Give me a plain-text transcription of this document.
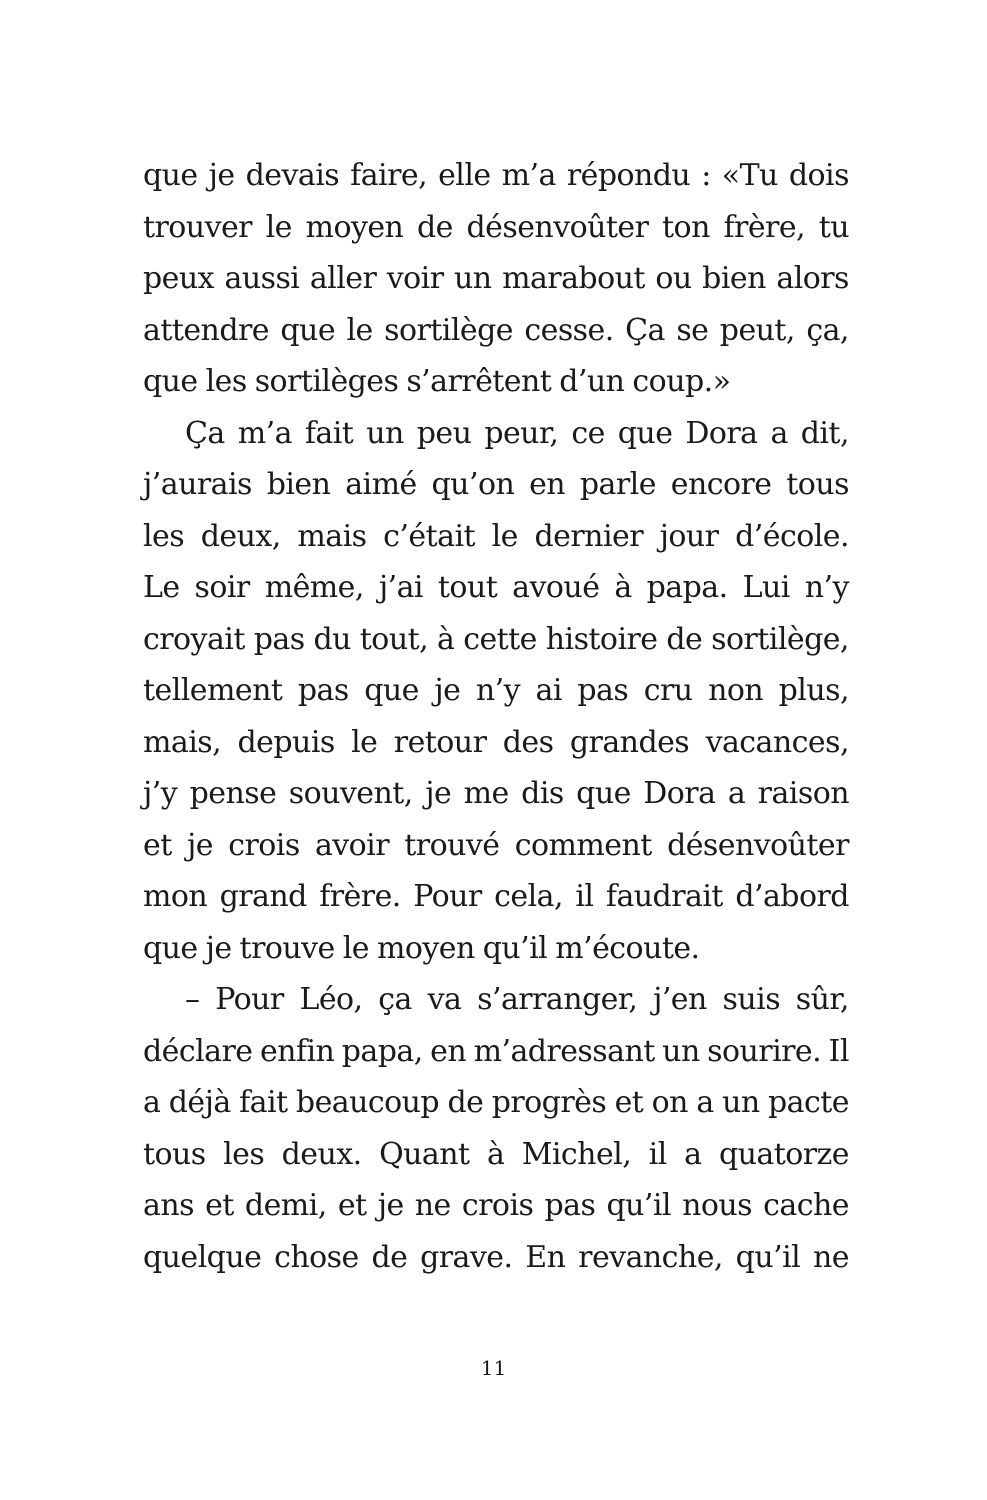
que je devais faire, elle m’a répondu : «Tu dois
trouver le moyen de désenvoûter ton frère, tu
peux aussi aller voir un marabout ou bien alors
attendre que le sortilège cesse. Ça se peut, ça,
que les sortilèges s’arrêtent d’un coup.»
Ça m’a fait un peu peur, ce que Dora a dit,
j’aurais bien aimé qu’on en parle encore tous
les deux, mais c’était le dernier jour d’école.
Le soir même, j’ai tout avoué à papa. Lui n’y
croyait pas du tout, à cette histoire de sortilège,
tellement pas que je n’y ai pas cru non plus,
mais, depuis le retour des grandes vacances,
j’y pense souvent, je me dis que Dora a raison
et je crois avoir trouvé comment désenvoûter
mon grand frère. Pour cela, il faudrait d’abord
que je trouve le moyen qu’il m’écoute.
– Pour Léo, ça va s’arranger, j’en suis sûr,
déclare enfin papa, en m’adressant un sourire. Il
a déjà fait beaucoup de progrès et on a un pacte
tous les deux. Quant à Michel, il a quatorze
ans et demi, et je ne crois pas qu’il nous cache
quelque chose de grave. En revanche, qu’il ne
11
